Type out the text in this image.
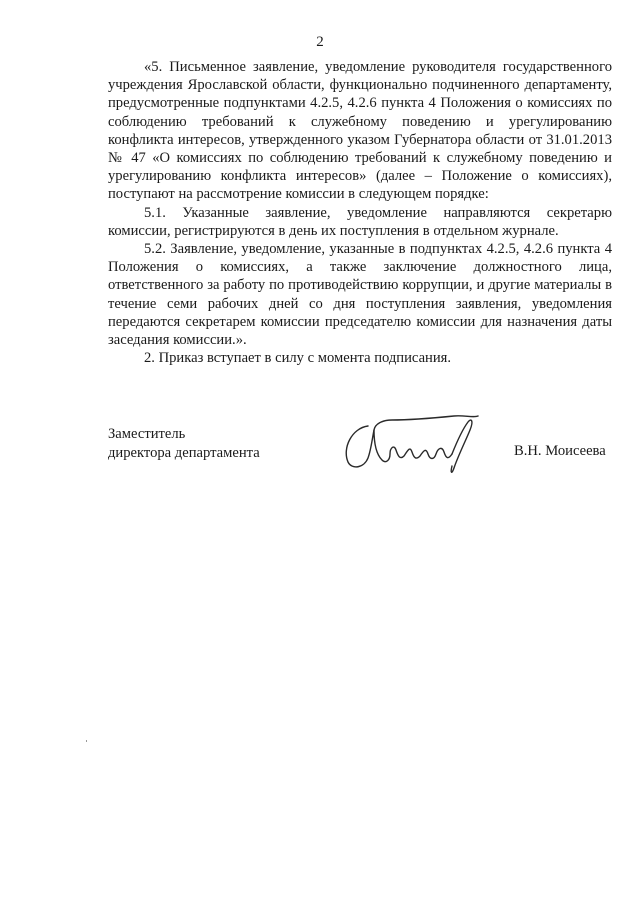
2

«5. Письменное заявление, уведомление руководителя государственного учреждения Ярославской области, функционально подчиненного департаменту, предусмотренные подпунктами 4.2.5, 4.2.6 пункта 4 Положения о комиссиях по соблюдению требований к служебному поведению и урегулированию конфликта интересов, утвержденного указом Губернатора области от 31.01.2013 № 47 «О комиссиях по соблюдению требований к служебному поведению и урегулированию конфликта интересов» (далее – Положение о комиссиях), поступают на рассмотрение комиссии в следующем порядке:

5.1. Указанные заявление, уведомление направляются секретарю комиссии, регистрируются в день их поступления в отдельном журнале.

5.2. Заявление, уведомление, указанные в подпунктах 4.2.5, 4.2.6 пункта 4 Положения о комиссиях, а также заключение должностного лица, ответственного за работу по противодействию коррупции, и другие материалы в течение семи рабочих дней со дня поступления заявления, уведомления передаются секретарем комиссии председателю комиссии для назначения даты заседания комиссии.».

2. Приказ вступает в силу с момента подписания.

Заместитель
директора департамента	В.Н. Моисеева
